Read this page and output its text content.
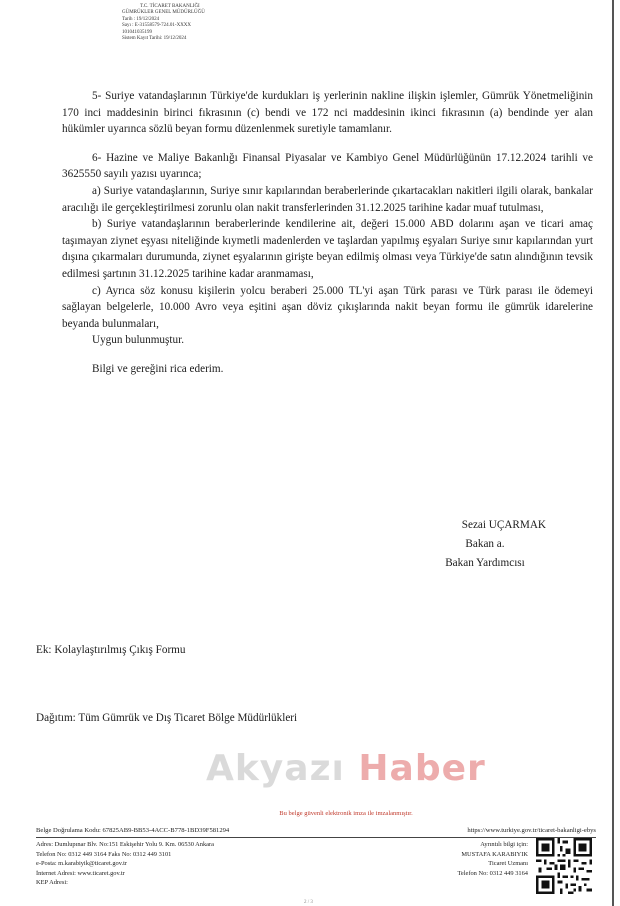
T.C. TİCARET BAKANLIĞI
GÜMRÜKLER GENEL MÜDÜRLÜĞÜ
Tarih : 19/12/2024
Sayı : E-31558579-724.01-XXXX
101041035199
Sistem Kayıt Tarihi: 19/12/2024

5- Suriye vatandaşlarının Türkiye'de kurdukları iş yerlerinin nakline ilişkin işlemler, Gümrük Yönetmeliğinin 170 inci maddesinin birinci fıkrasının (c) bendi ve 172 nci maddesinin ikinci fıkrasının (a) bendinde yer alan hükümler uyarınca sözlü beyan formu düzenlenmek suretiyle tamamlanır.

6- Hazine ve Maliye Bakanlığı Finansal Piyasalar ve Kambiyo Genel Müdürlüğünün 17.12.2024 tarihli ve 3625550 sayılı yazısı uyarınca;

a) Suriye vatandaşlarının, Suriye sınır kapılarından beraberlerinde çıkartacakları nakitleri ilgili olarak, bankalar aracılığı ile gerçekleştirilmesi zorunlu olan nakit transferlerinden 31.12.2025 tarihine kadar muaf tutulması,

b) Suriye vatandaşlarının beraberlerinde kendilerine ait, değeri 15.000 ABD dolarını aşan ve ticari amaç taşımayan ziynet eşyası niteliğinde kıymetli madenlerden ve taşlardan yapılmış eşyaları Suriye sınır kapılarından yurt dışına çıkarmaları durumunda, ziynet eşyalarının girişte beyan edilmiş olması veya Türkiye'de satın alındığının tevsik edilmesi şartının 31.12.2025 tarihine kadar aranmaması,

c) Ayrıca söz konusu kişilerin yolcu beraberi 25.000 TL'yi aşan Türk parası ve Türk parası ile ödemeyi sağlayan belgelerle, 10.000 Avro veya eşitini aşan döviz çıkışlarında nakit beyan formu ile gümrük idarelerine beyanda bulunmaları,

Uygun bulunmuştur.

Bilgi ve gereğini rica ederim.

Sezai UÇARMAK
Bakan a.
Bakan Yardımcısı
Ek: Kolaylaştırılmış Çıkış Formu
Dağıtım: Tüm Gümrük ve Dış Ticaret Bölge Müdürlükleri
Akyazı Haber
Bu belge güvenli elektronik imza ile imzalanmıştır.
Belge Doğrulama Kodu: 67825AB9-BB53-4ACC-B778-1BD39F581294	https://www.turkiye.gov.tr/ticaret-bakanligi-ebys
Adres: Dumlupınar Blv. No:151 Eskişehir Yolu 9. Km. 06530 Ankara
Telefon No: 0312 449 3164 Faks No: 0312 449 3101
e-Posta: m.karabiyik@ticaret.gov.tr
İnternet Adresi: www.ticaret.gov.tr
KEP Adresi:
Ayrıntılı bilgi için:
MUSTAFA KARABIYIK
Ticaret Uzmanı
Telefon No: 0312 449 3164
2 / 3
